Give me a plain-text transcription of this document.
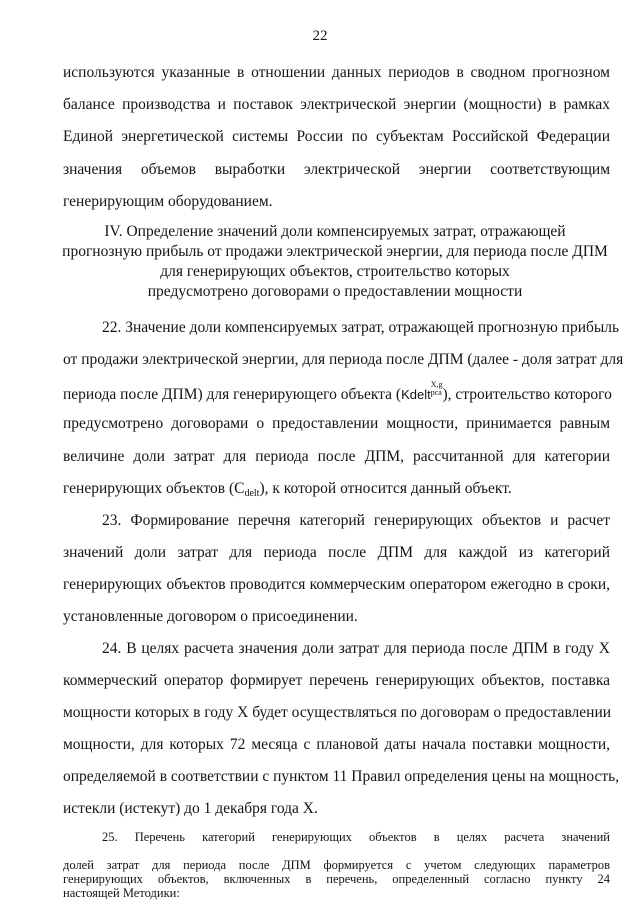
22
используются указанные в отношении данных периодов в сводном прогнозном
балансе производства и поставок электрической энергии (мощности) в рамках
Единой энергетической системы России по субъектам Российской Федерации
значения объемов выработки электрической энергии соответствующим
генерирующим оборудованием.
IV. Определение значений доли компенсируемых затрат, отражающей
прогнозную прибыль от продажи электрической энергии, для периода после ДПМ
для генерирующих объектов, строительство которых
предусмотрено договорами о предоставлении мощности
22. Значение доли компенсируемых затрат, отражающей прогнозную прибыль
от продажи электрической энергии, для периода после ДПМ (далее - доля затрат для
периода после ДПМ) для генерирующего объекта (Kdelt
X,g
pca ), строительство которого
предусмотрено договорами о предоставлении мощности, принимается равным
величине доли затрат для периода после ДПМ, рассчитанной для категории
генерирующих объектов $(C_{delt})$, к которой относится данный объект.
23. Формирование перечня категорий генерирующих объектов и расчет
значений доли затрат для периода после ДПМ для каждой из категорий
генерирующих объектов проводится коммерческим оператором ежегодно в сроки,
установленные договором о присоединении.
24. В целях расчета значения доли затрат для периода после ДПМ в году X
коммерческий оператор формирует перечень генерирующих объектов, поставка
мощности которых в году X будет осуществляться по договорам о предоставлении
мощности, для которых 72 месяца с плановой даты начала поставки мощности,
определяемой в соответствии с пунктом 11 Правил определения цены на мощность,
истекли (истекут) до 1 декабря года X.
25. Перечень категорий генерирующих объектов в целях расчета значений
долей затрат для периода после ДПМ формируется с учетом следующих параметров
генерирующих объектов, включенных в перечень, определенный согласно пункту 24
настоящей Методики:
